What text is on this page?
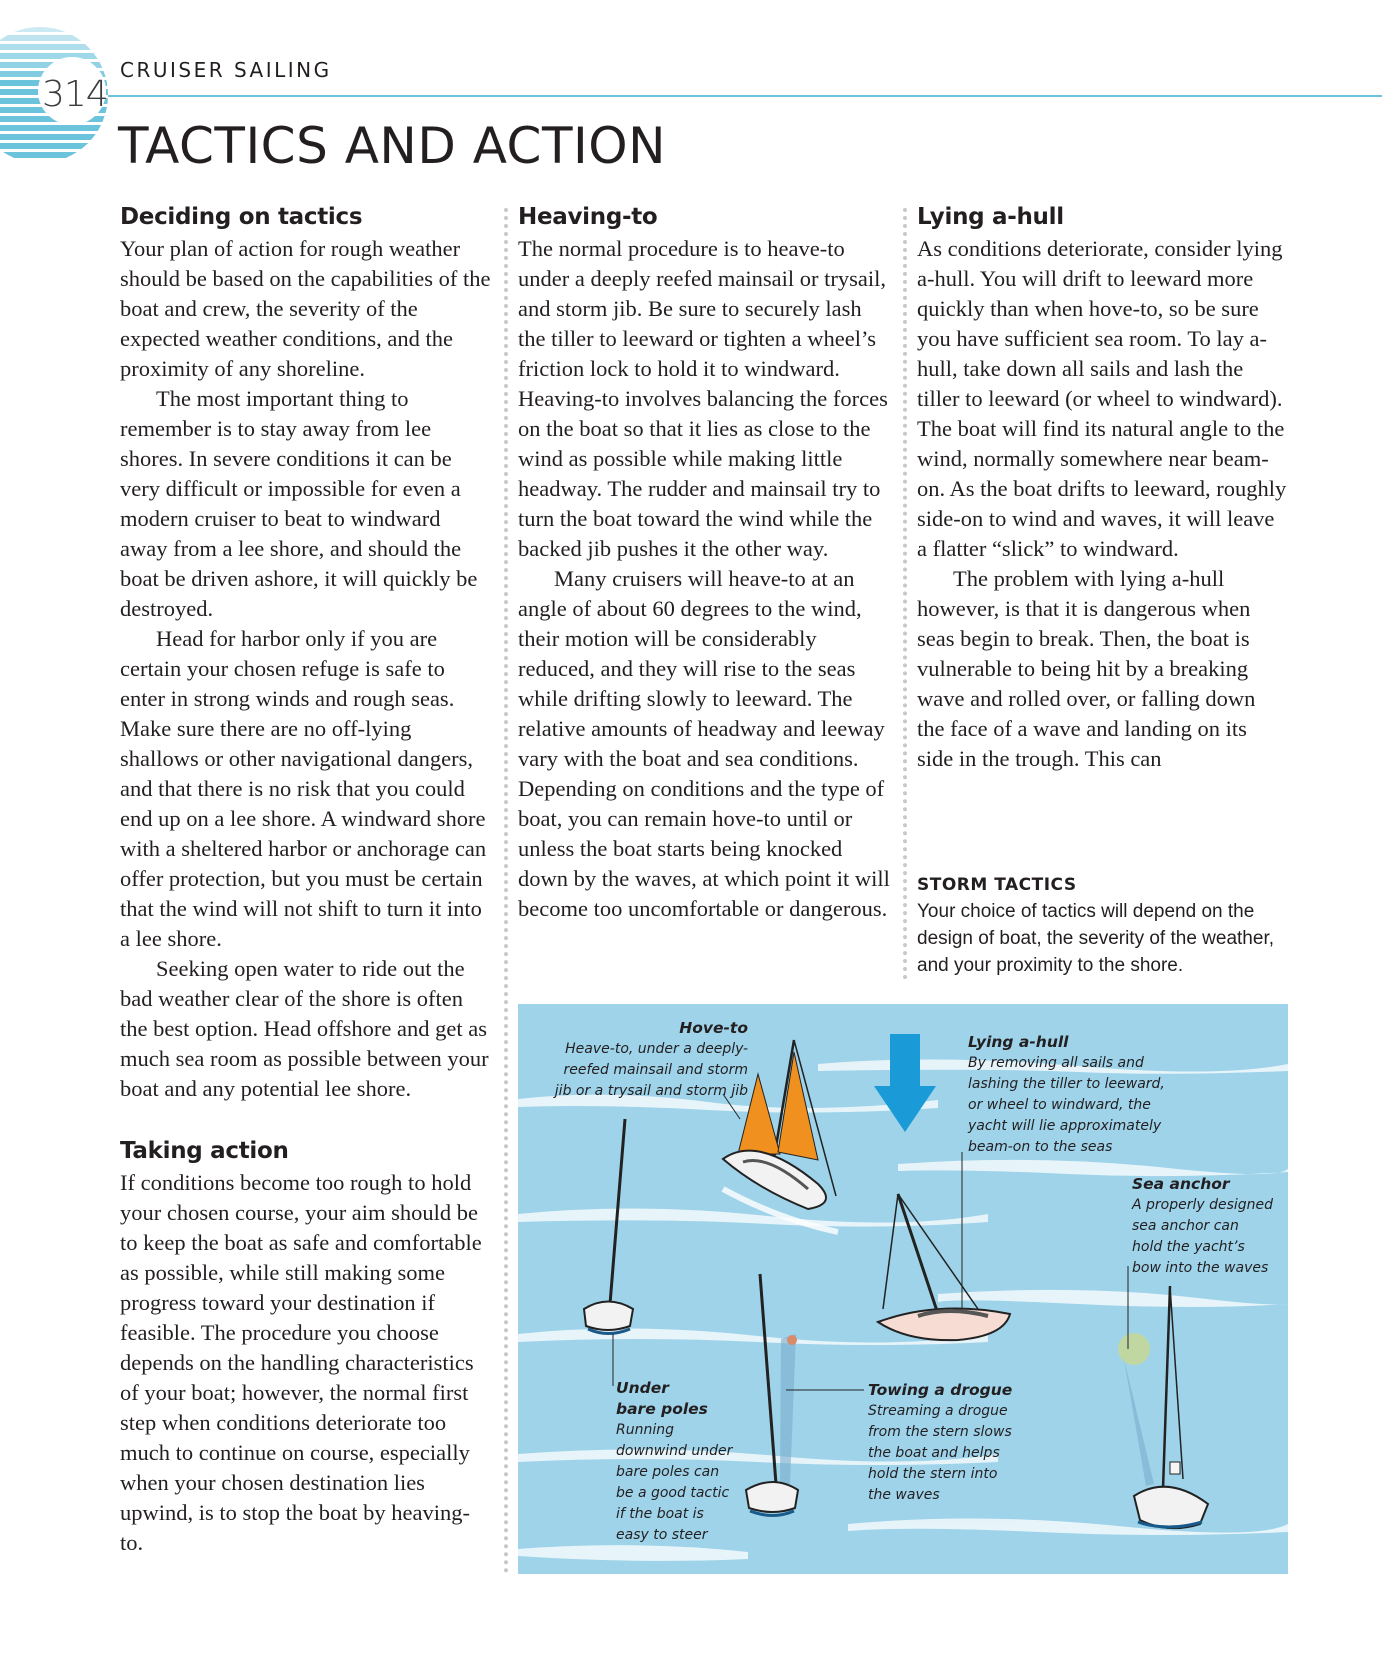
314
CRUISER SAILING
TACTICS AND ACTION
Deciding on tactics

Your plan of action for rough weather should be based on the capabilities of the boat and crew, the severity of the expected weather conditions, and the proximity of any shoreline.

The most important thing to remember is to stay away from lee shores. In severe conditions it can be very difficult or impossible for even a modern cruiser to beat to windward away from a lee shore, and should the boat be driven ashore, it will quickly be destroyed.

Head for harbor only if you are certain your chosen refuge is safe to enter in strong winds and rough seas. Make sure there are no off-lying shallows or other navigational dangers, and that there is no risk that you could end up on a lee shore. A windward shore with a sheltered harbor or anchorage can offer protection, but you must be certain that the wind will not shift to turn it into a lee shore.

Seeking open water to ride out the bad weather clear of the shore is often the best option. Head offshore and get as much sea room as possible between your boat and any potential lee shore.

Taking action

If conditions become too rough to hold your chosen course, your aim should be to keep the boat as safe and comfortable as possible, while still making some progress toward your destination if feasible. The procedure you choose depends on the handling characteristics of your boat; however, the normal first step when conditions deteriorate too much to continue on course, especially when your chosen destination lies upwind, is to stop the boat by heaving-to.

Heaving-to

The normal procedure is to heave-to under a deeply reefed mainsail or trysail, and storm jib. Be sure to securely lash the tiller to leeward or tighten a wheel’s friction lock to hold it to windward. Heaving-to involves balancing the forces on the boat so that it lies as close to the wind as possible while making little headway. The rudder and mainsail try to turn the boat toward the wind while the backed jib pushes it the other way.

Many cruisers will heave-to at an angle of about 60 degrees to the wind, their motion will be considerably reduced, and they will rise to the seas while drifting slowly to leeward. The relative amounts of headway and leeway vary with the boat and sea conditions. Depending on conditions and the type of boat, you can remain hove-to until or unless the boat starts being knocked down by the waves, at which point it will become too uncomfortable or dangerous.

Lying a-hull

As conditions deteriorate, consider lying a-hull. You will drift to leeward more quickly than when hove-to, so be sure you have sufficient sea room. To lay a-hull, take down all sails and lash the tiller to leeward (or wheel to windward). The boat will find its natural angle to the wind, normally somewhere near beam-on. As the boat drifts to leeward, roughly side-on to wind and waves, it will leave a flatter “slick” to windward.

The problem with lying a-hull however, is that it is dangerous when seas begin to break. Then, the boat is vulnerable to being hit by a breaking wave and rolled over, or falling down the face of a wave and landing on its side in the trough. This can

STORM TACTICS

Your choice of tactics will depend on the design of boat, the severity of the weather, and your proximity to the shore.

Hove-to
Heave-to, under a deeply-
reefed mainsail and storm
jib or a trysail and storm jib
Lying a-hull
By removing all sails and
lashing the tiller to leeward,
or wheel to windward, the
yacht will lie approximately
beam-on to the seas
Sea anchor
A properly designed
sea anchor can
hold the yacht’s
bow into the waves
Under
bare poles
Running
downwind under
bare poles can
be a good tactic
if the boat is
easy to steer
Towing a drogue
Streaming a drogue
from the stern slows
the boat and helps
hold the stern into
the waves
